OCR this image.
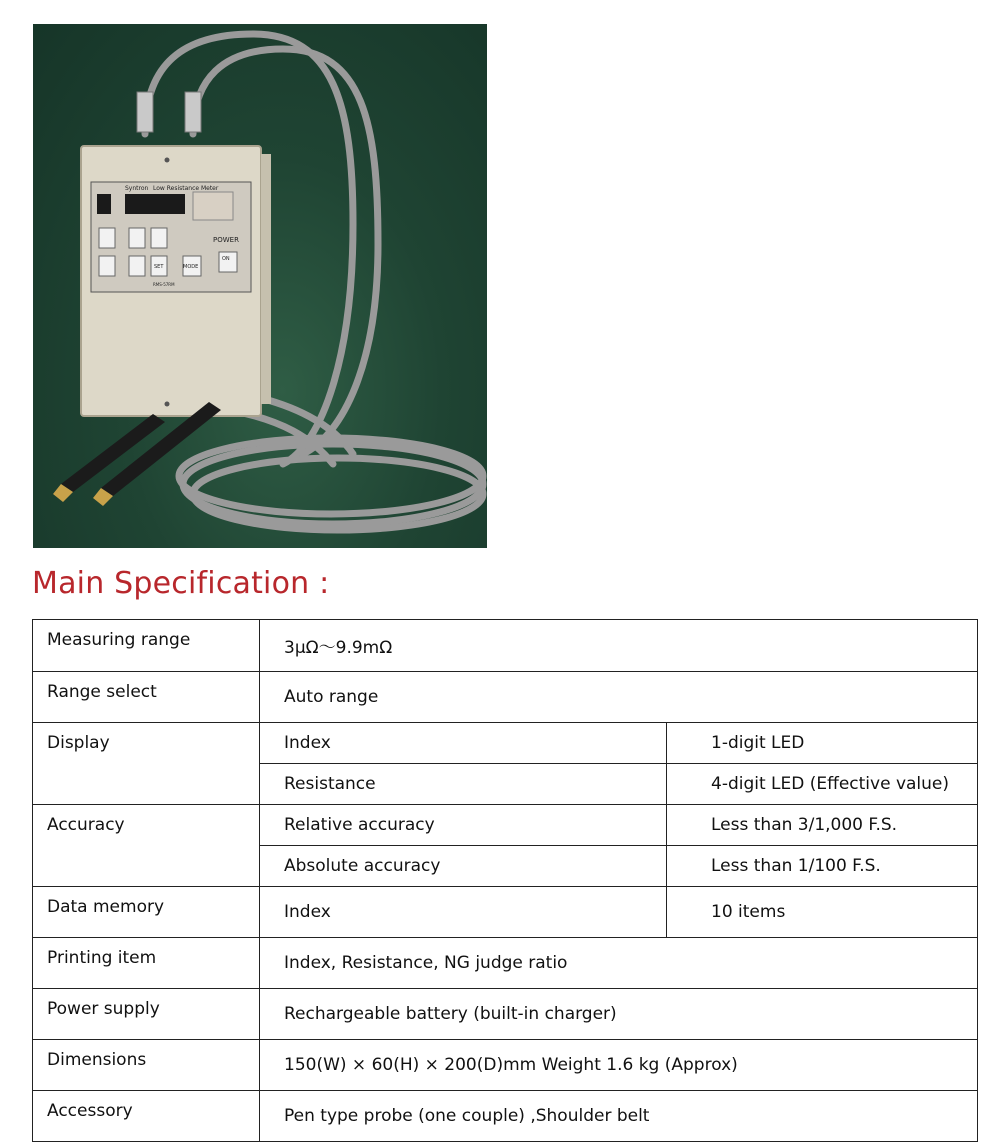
Syntron Low Resistance Meter
MODE
SET
POWER
ON
RMS-57RM
Main Specification :
Measuring range	3μΩ〜9.9mΩ	
Range select	Auto range	
Display	Index	1-digit LED
	Resistance	4-digit LED (Effective value)
Accuracy	Relative accuracy	Less than 3/1,000 F.S.
	Absolute accuracy	Less than 1/100 F.S.
Data memory	Index	10 items
Printing item	Index, Resistance, NG judge ratio	
Power supply	Rechargeable battery (built-in charger)	
Dimensions	150(W) × 60(H) × 200(D)mm Weight 1.6 kg (Approx)	
Accessory	Pen type probe (one couple) ,Shoulder belt	
